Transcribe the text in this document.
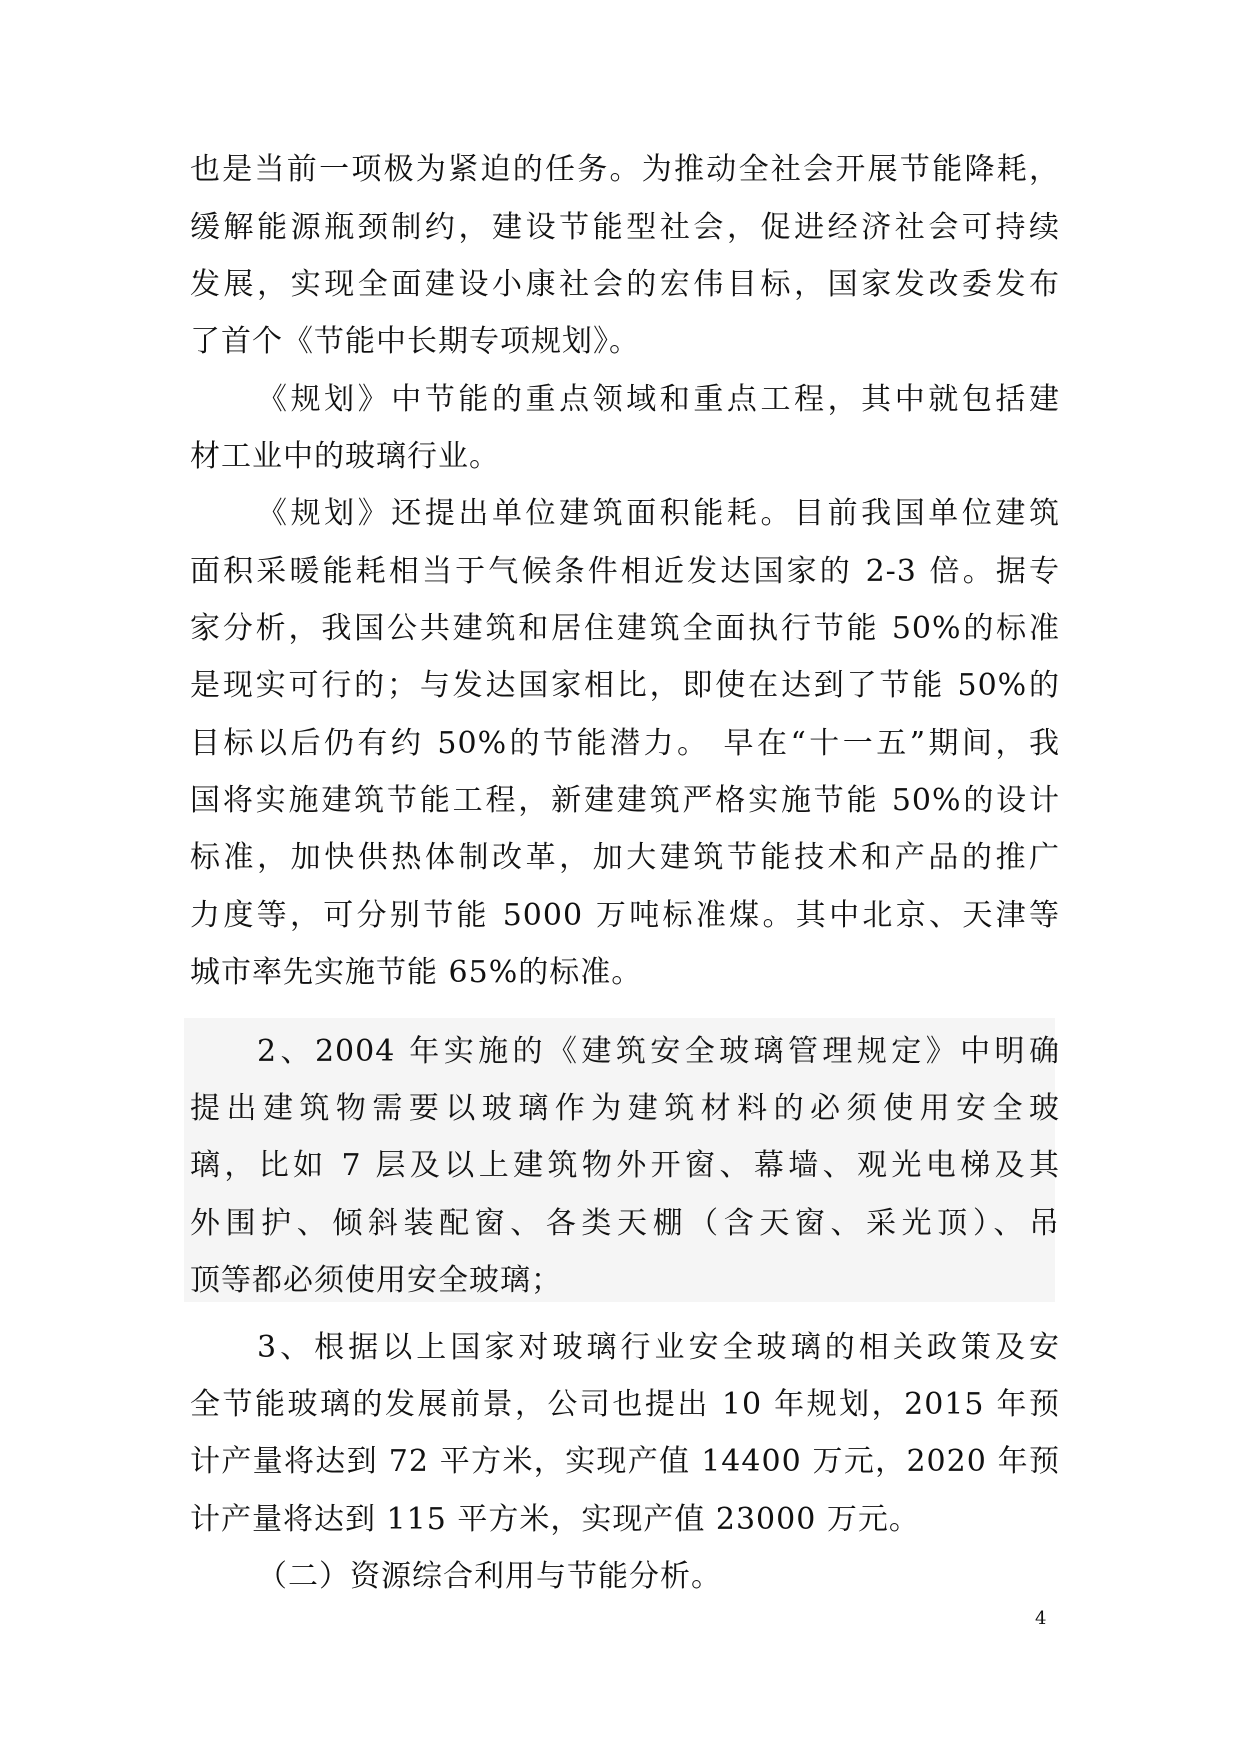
也是当前一项极为紧迫的任务。为推动全社会开展节能降耗，
缓解能源瓶颈制约，建设节能型社会，促进经济社会可持续
发展，实现全面建设小康社会的宏伟目标，国家发改委发布
了首个《节能中长期专项规划》。
《规划》中节能的重点领域和重点工程，其中就包括建
材工业中的玻璃行业。
《规划》还提出单位建筑面积能耗。目前我国单位建筑
面积采暖能耗相当于气候条件相近发达国家的 2-3 倍。据专
家分析，我国公共建筑和居住建筑全面执行节能 50%的标准
是现实可行的；与发达国家相比，即使在达到了节能 50%的
目标以后仍有约 50%的节能潜力。 早在“十一五”期间，我
国将实施建筑节能工程，新建建筑严格实施节能 50%的设计
标准，加快供热体制改革，加大建筑节能技术和产品的推广
力度等，可分别节能 5000 万吨标准煤。其中北京、天津等
城市率先实施节能 65%的标准。
2、2004 年实施的《建筑安全玻璃管理规定》中明确
提出建筑物需要以玻璃作为建筑材料的必须使用安全玻
璃，比如 7 层及以上建筑物外开窗、幕墙、观光电梯及其
外围护、倾斜装配窗、各类天棚（含天窗、采光顶）、吊
顶等都必须使用安全玻璃；
3、根据以上国家对玻璃行业安全玻璃的相关政策及安
全节能玻璃的发展前景，公司也提出 10 年规划，2015 年预
计产量将达到 72 平方米，实现产值 14400 万元，2020 年预
计产量将达到 115 平方米，实现产值 23000 万元。
（二）资源综合利用与节能分析。
4
